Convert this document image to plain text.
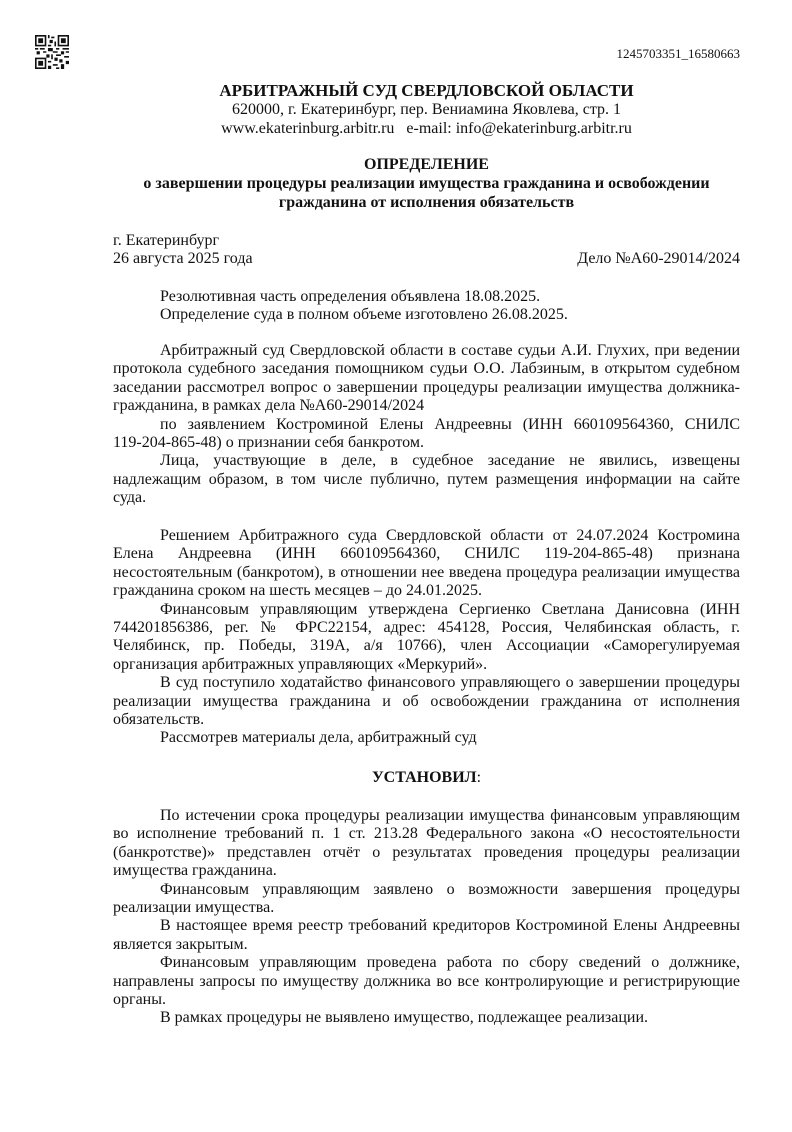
1245703351_16580663
АРБИТРАЖНЫЙ СУД СВЕРДЛОВСКОЙ ОБЛАСТИ
620000, г. Екатеринбург, пер. Вениамина Яковлева, стр. 1
www.ekaterinburg.arbitr.ru e-mail: info@ekaterinburg.arbitr.ru
ОПРЕДЕЛЕНИЕ
о завершении процедуры реализации имущества гражданина и освобождении
гражданина от исполнения обязательств
г. Екатеринбург
26 августа 2025 года	Дело №А60-29014/2024
Резолютивная часть определения объявлена 18.08.2025.
Определение суда в полном объеме изготовлено 26.08.2025.
Арбитражный суд Свердловской области в составе судьи А.И. Глухих, при ведении
протокола судебного заседания помощником судьи О.О. Лабзиным, в открытом судебном
заседании рассмотрел вопрос о завершении процедуры реализации имущества должника-
гражданина, в рамках дела №А60-29014/2024
по заявлением Костроминой Елены Андреевны (ИНН 660109564360, СНИЛС
119-204-865-48) о признании себя банкротом.
Лица, участвующие в деле, в судебное заседание не явились, извещены
надлежащим образом, в том числе публично, путем размещения информации на сайте
суда.
Решением Арбитражного суда Свердловской области от 24.07.2024 Костромина
Елена Андреевна (ИНН 660109564360, СНИЛС 119-204-865-48) признана
несостоятельным (банкротом), в отношении нее введена процедура реализации имущества
гражданина сроком на шесть месяцев – до 24.01.2025.
Финансовым управляющим утверждена Сергиенко Светлана Данисовна (ИНН
744201856386, рег. № ФРС22154, адрес: 454128, Россия, Челябинская область, г.
Челябинск, пр. Победы, 319А, а/я 10766), член Ассоциации «Саморегулируемая
организация арбитражных управляющих «Меркурий».
В суд поступило ходатайство финансового управляющего о завершении процедуры
реализации имущества гражданина и об освобождении гражданина от исполнения
обязательств.
Рассмотрев материалы дела, арбитражный суд
УСТАНОВИЛ:
По истечении срока процедуры реализации имущества финансовым управляющим
во исполнение требований п. 1 ст. 213.28 Федерального закона «О несостоятельности
(банкротстве)» представлен отчёт о результатах проведения процедуры реализации
имущества гражданина.
Финансовым управляющим заявлено о возможности завершения процедуры
реализации имущества.
В настоящее время реестр требований кредиторов Костроминой Елены Андреевны
является закрытым.
Финансовым управляющим проведена работа по сбору сведений о должнике,
направлены запросы по имуществу должника во все контролирующие и регистрирующие
органы.
В рамках процедуры не выявлено имущество, подлежащее реализации.
